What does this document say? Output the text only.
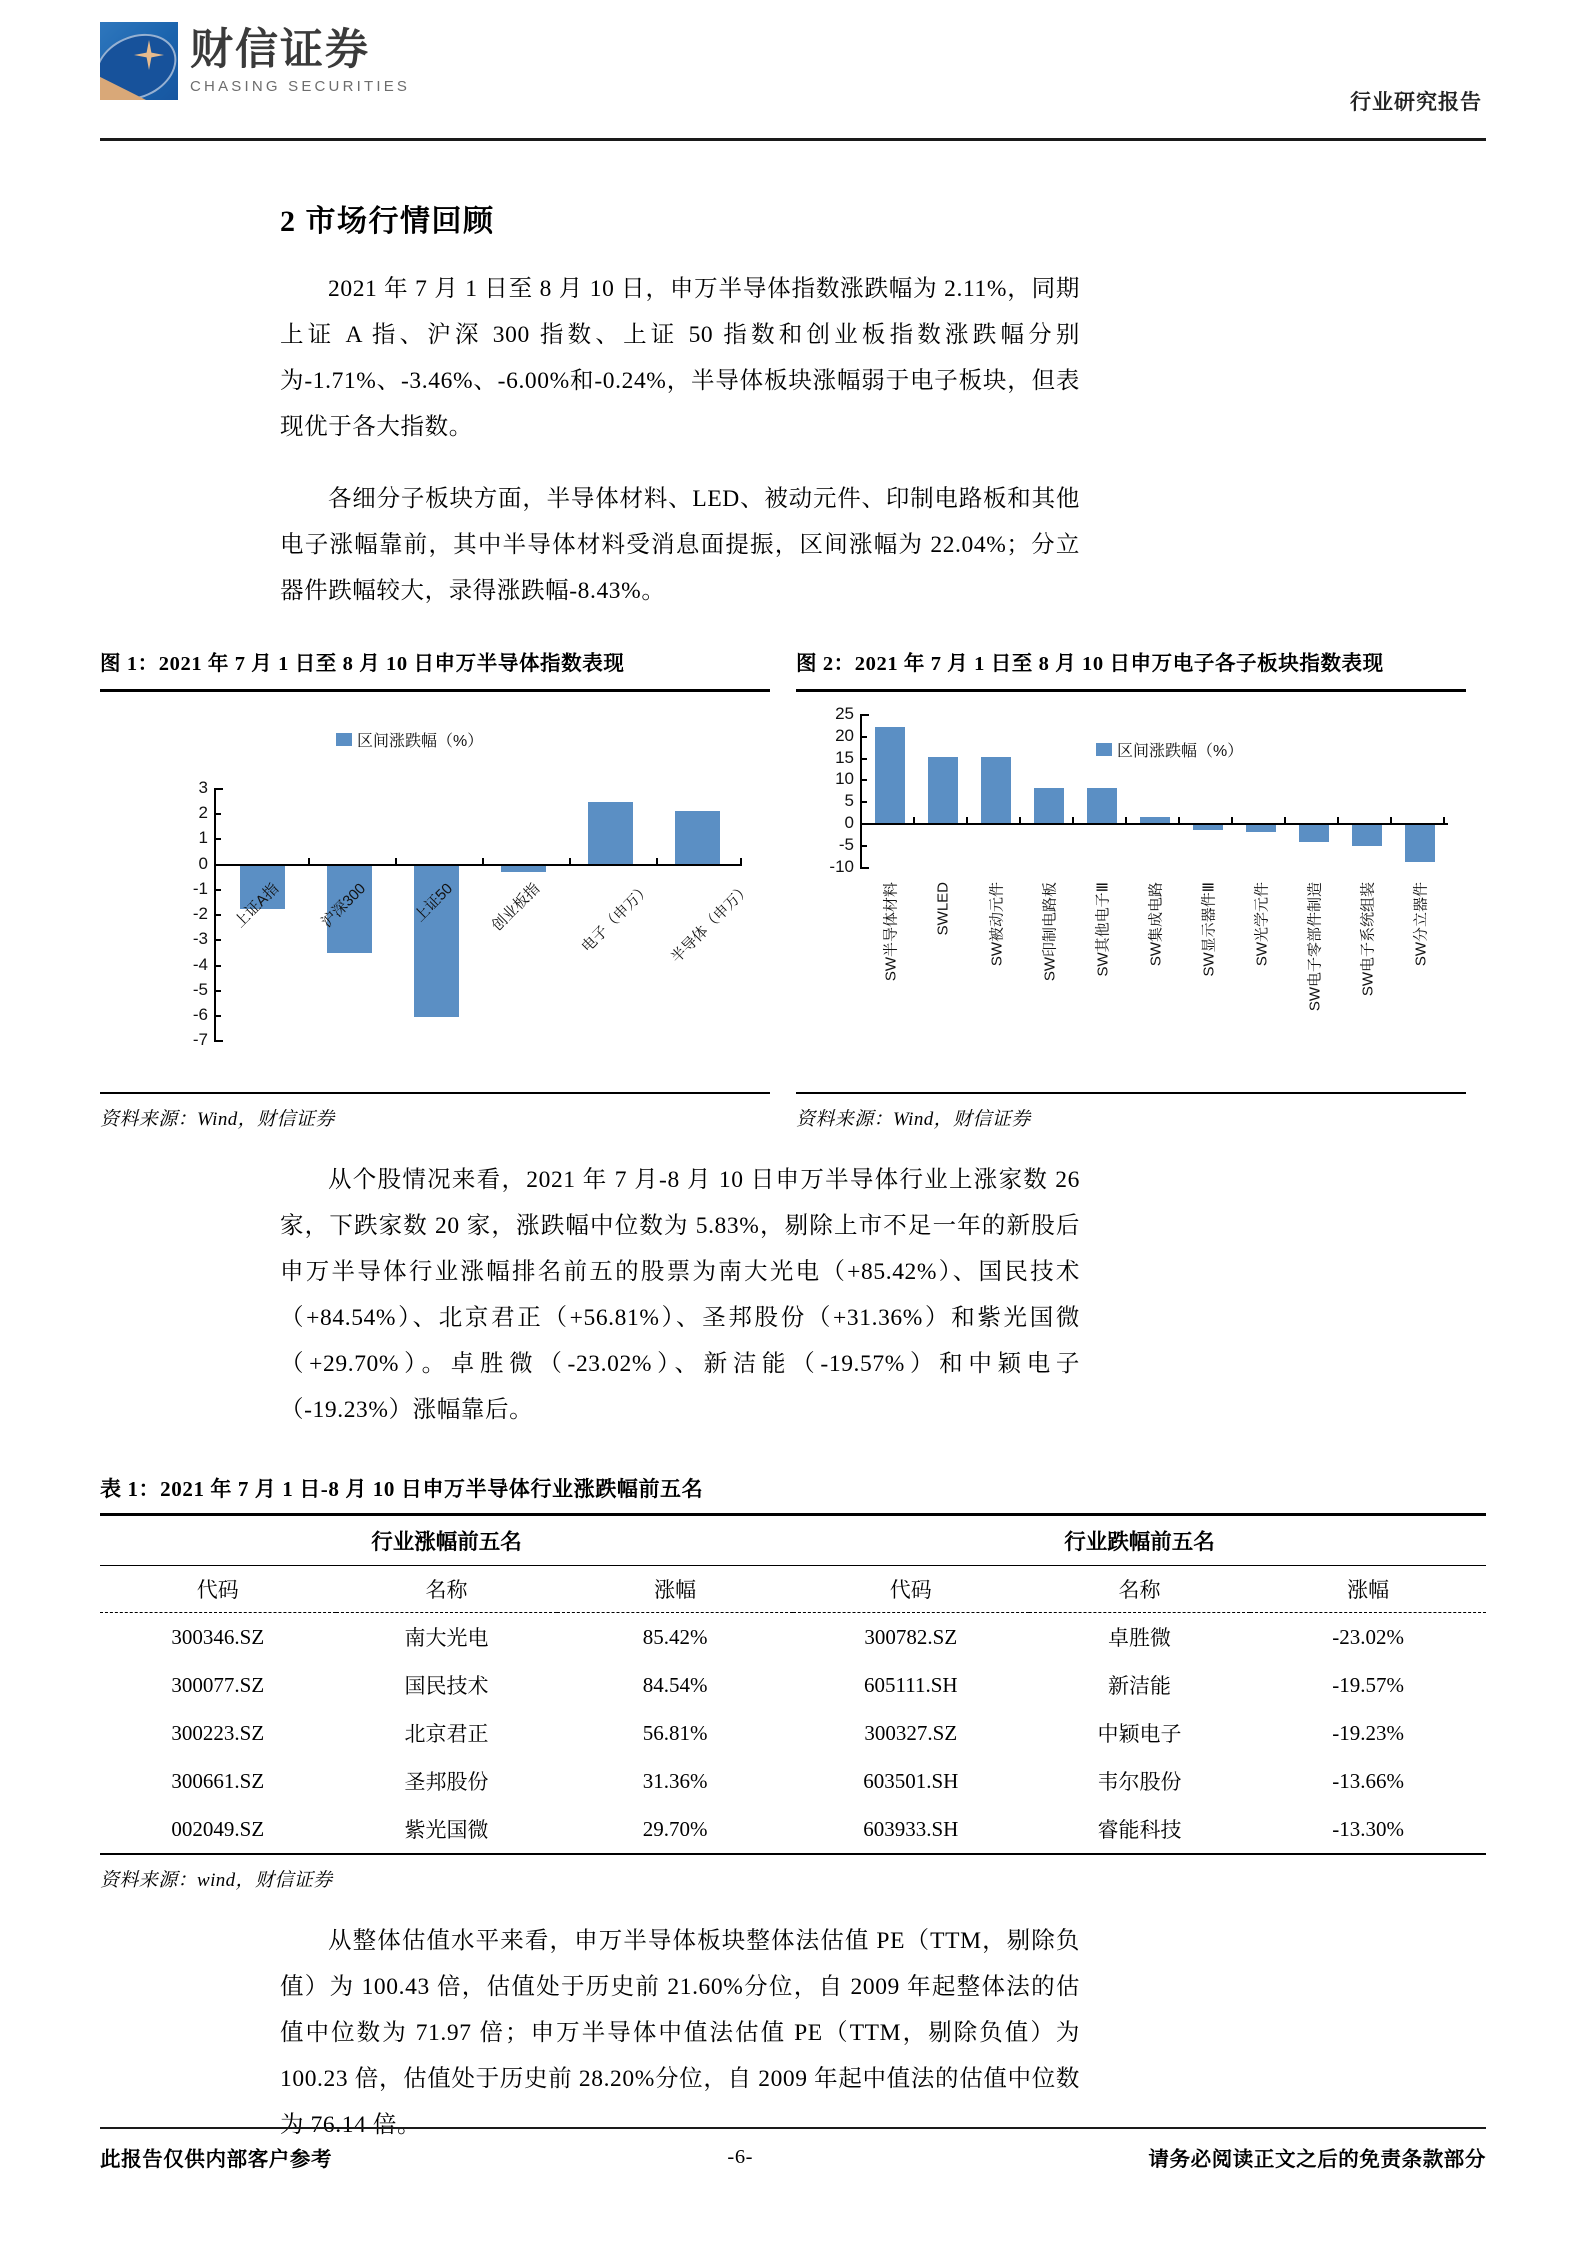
财信证券
CHASING SECURITIES
行业研究报告
2 市场行情回顾

2021 年 7 月 1 日至 8 月 10 日，申万半导体指数涨跌幅为 2.11%，同期上证 A 指、沪深 300 指数、上证 50 指数和创业板指数涨跌幅分别为-1.71%、-3.46%、-6.00%和-0.24%，半导体板块涨幅弱于电子板块，但表现优于各大指数。

各细分子板块方面，半导体材料、LED、被动元件、印制电路板和其他电子涨幅靠前，其中半导体材料受消息面提振，区间涨幅为 22.04%；分立器件跌幅较大，录得涨跌幅-8.43%。

图 1：2021 年 7 月 1 日至 8 月 10 日申万半导体指数表现
区间涨跌幅（%）
3
2
1
0
-1
-2
-3
-4
-5
-6
-7
上证A指 沪深300	上证50 创业板指 电子（申万） 半导体（申万）
资料来源：Wind，财信证券
图 2：2021 年 7 月 1 日至 8 月 10 日申万电子各子板块指数表现
区间涨跌幅（%）
25
20
15
10
5
0
-5
-10
SW半导体材料 SWLED SW被动元件 SW印制电路板 SW其他电子Ⅲ SW集成电路 SW显示器件Ⅲ SW光学元件 SW电子零部件制造 SW电子系统组装 SW分立器件
资料来源：Wind，财信证券

从个股情况来看，2021 年 7 月-8 月 10 日申万半导体行业上涨家数 26 家，下跌家数 20 家，涨跌幅中位数为 5.83%，剔除上市不足一年的新股后申万半导体行业涨幅排名前五的股票为南大光电（+85.42%）、国民技术（+84.54%）、北京君正（+56.81%）、圣邦股份（+31.36%）和紫光国微（+29.70%）。卓胜微（-23.02%）、新洁能（-19.57%）和中颖电子（-19.23%）涨幅靠后。

表 1：2021 年 7 月 1 日-8 月 10 日申万半导体行业涨跌幅前五名
行业涨幅前五名			行业跌幅前五名		
代码	名称	涨幅	代码	名称	涨幅
300346.SZ	南大光电	85.42%	300782.SZ	卓胜微	-23.02%
300077.SZ	国民技术	84.54%	605111.SH	新洁能	-19.57%
300223.SZ	北京君正	56.81%	300327.SZ	中颖电子	-19.23%
300661.SZ	圣邦股份	31.36%	603501.SH	韦尔股份	-13.66%
002049.SZ	紫光国微	29.70%	603933.SH	睿能科技	-13.30%
资料来源：wind，财信证券

从整体估值水平来看，申万半导体板块整体法估值 PE（TTM，剔除负值）为 100.43 倍，估值处于历史前 21.60%分位，自 2009 年起整体法的估值中位数为 71.97 倍；申万半导体中值法估值 PE（TTM，剔除负值）为 100.23 倍，估值处于历史前 28.20%分位，自 2009 年起中值法的估值中位数为 76.14 倍。

此报告仅供内部客户参考	-6-	请务必阅读正文之后的免责条款部分
